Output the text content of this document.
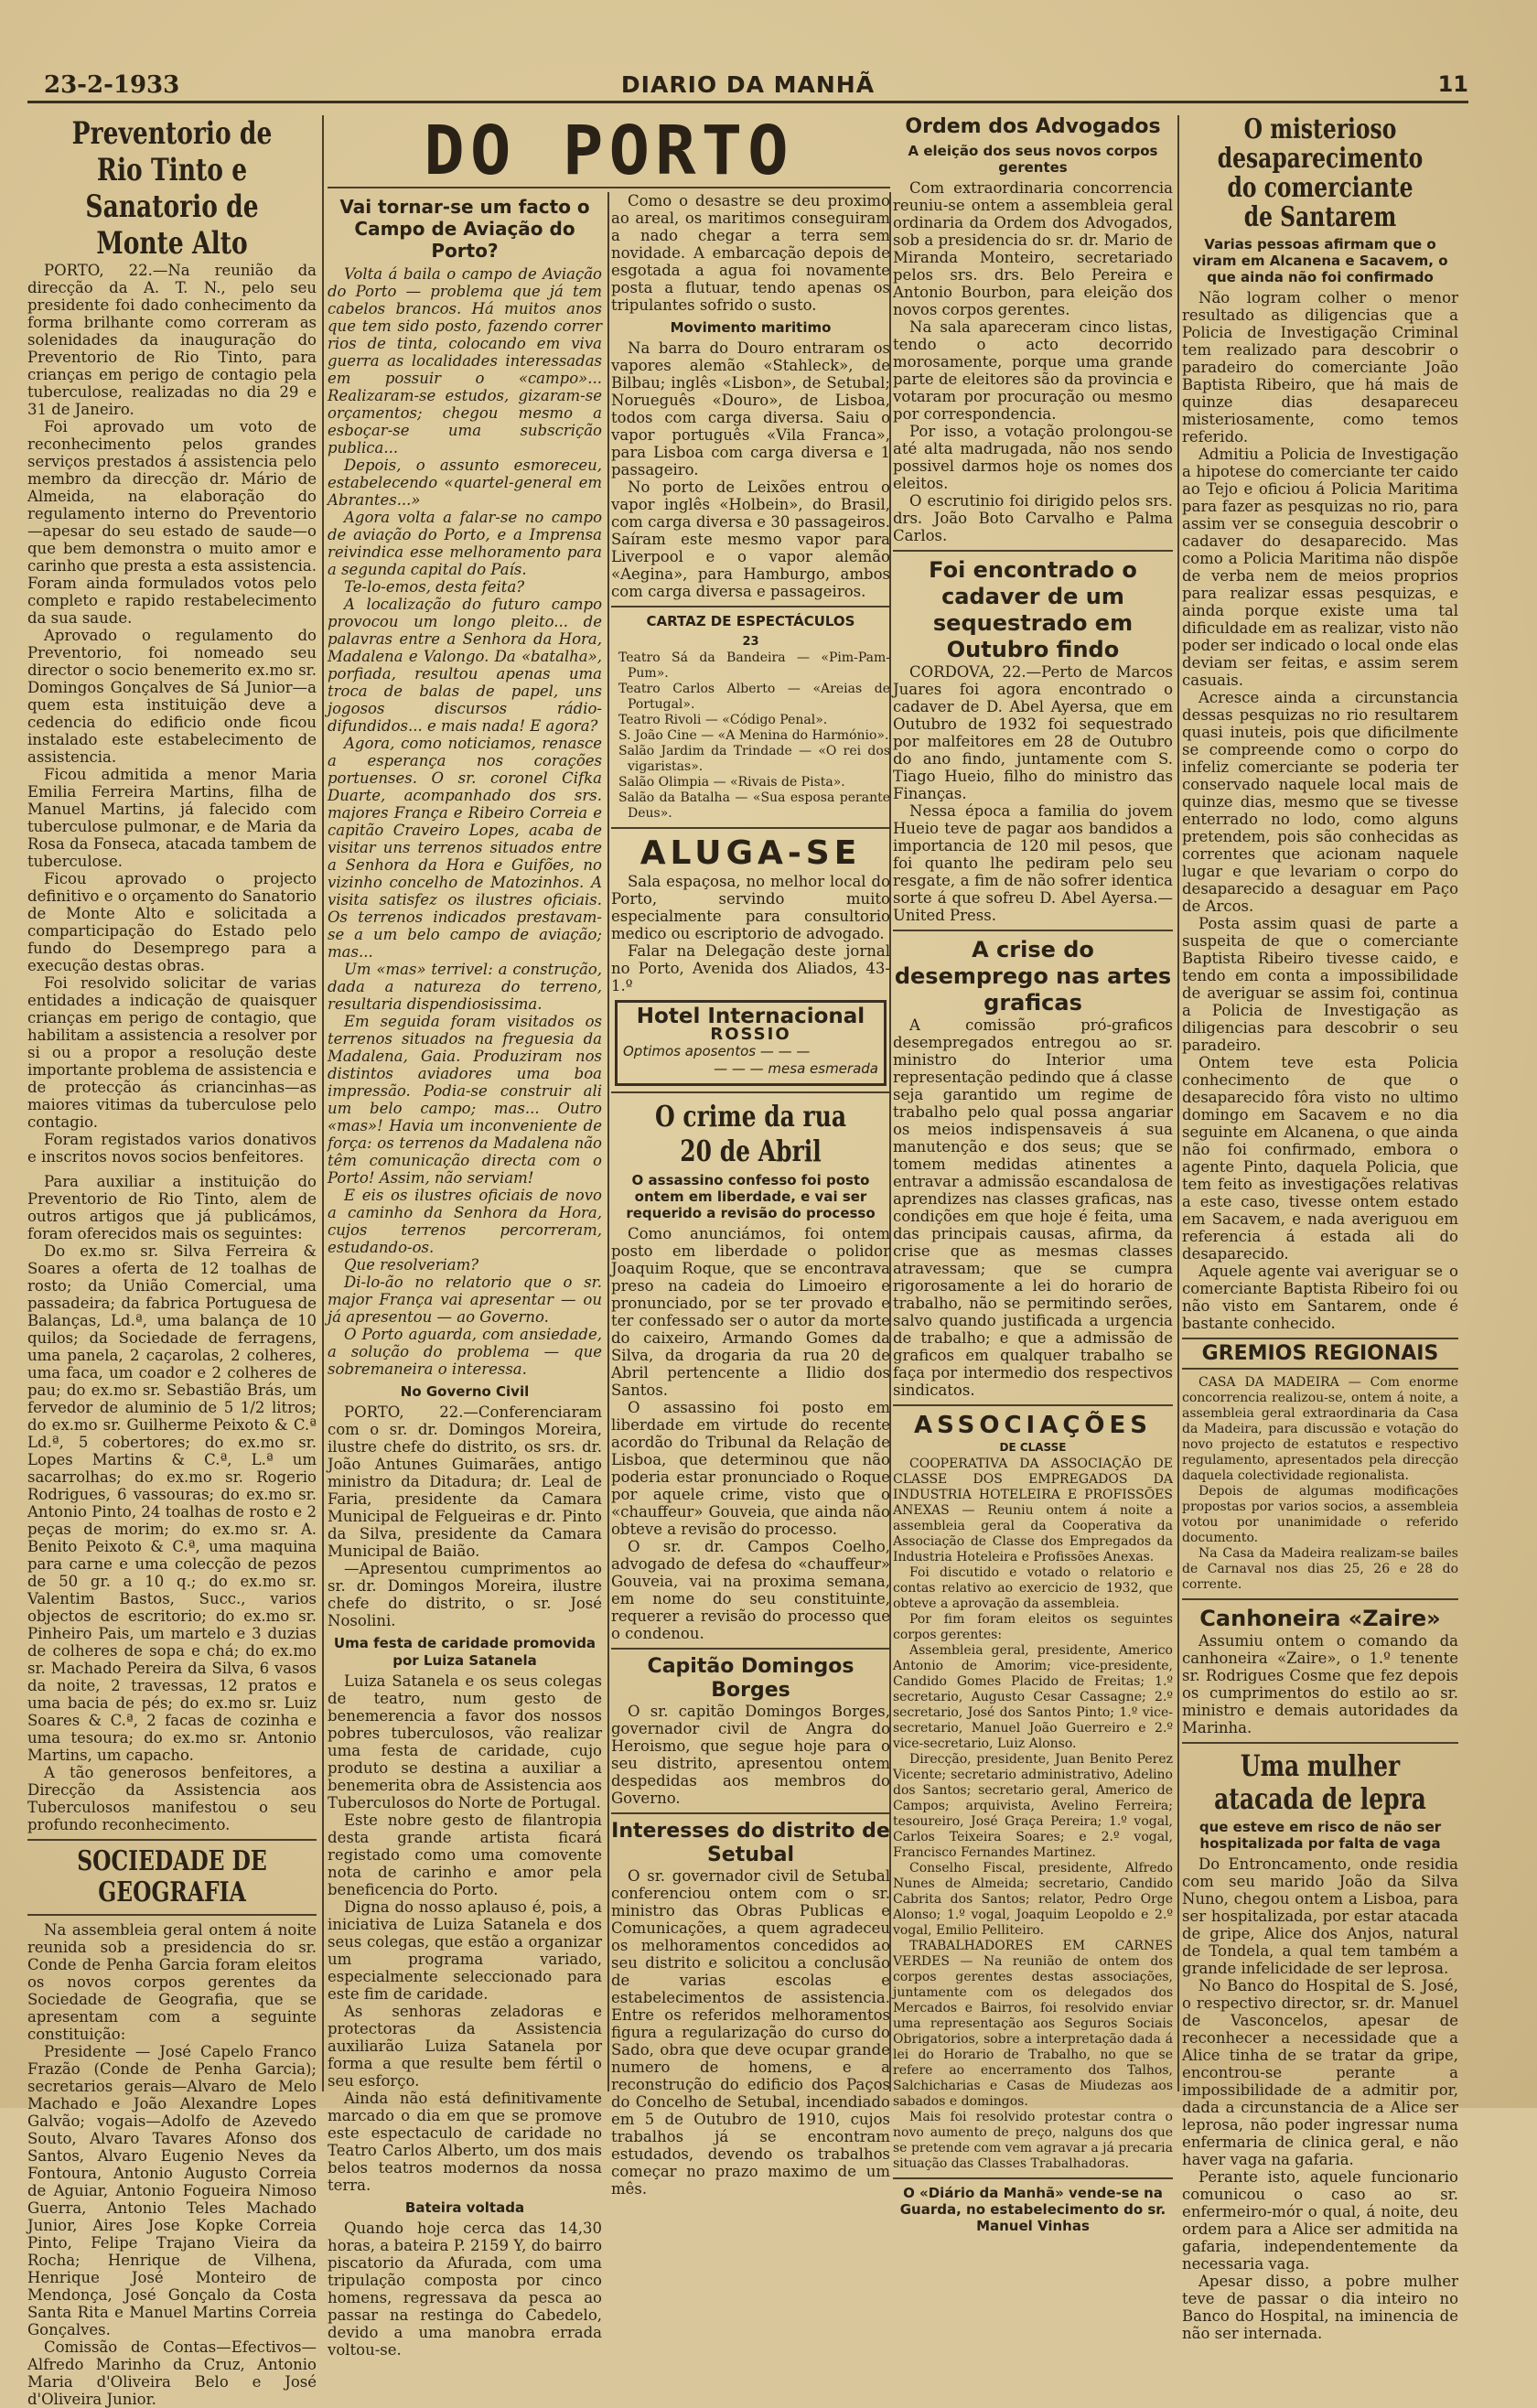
23-2-1933	DIARIO DA MANHÃ	11
Preventorio de Rio Tinto e Sanatorio de Monte Alto

PORTO, 22.—Na reunião da direcção da A. T. N., pelo seu presidente foi dado conhecimento da forma brilhante como correram as solenidades da inauguração do Preventorio de Rio Tinto, para crianças em perigo de contagio pela tuberculose, realizadas no dia 29 e 31 de Janeiro.

Foi aprovado um voto de reconhecimento pelos grandes serviços prestados á assistencia pelo membro da direcção dr. Mário de Almeida, na elaboração do regulamento interno do Preventorio—apesar do seu estado de saude—o que bem demonstra o muito amor e carinho que presta a esta assistencia. Foram ainda formulados votos pelo completo e rapido restabelecimento da sua saude.

Aprovado o regulamento do Preventorio, foi nomeado seu director o socio benemerito ex.mo sr. Domingos Gonçalves de Sá Junior—a quem esta instituição deve a cedencia do edificio onde ficou instalado este estabelecimento de assistencia.

Ficou admitida a menor Maria Emilia Ferreira Martins, filha de Manuel Martins, já falecido com tuberculose pulmonar, e de Maria da Rosa da Fonseca, atacada tambem de tuberculose.

Ficou aprovado o projecto definitivo e o orçamento do Sanatorio de Monte Alto e solicitada a comparticipação do Estado pelo fundo do Desemprego para a execução destas obras.

Foi resolvido solicitar de varias entidades a indicação de quaisquer crianças em perigo de contagio, que habilitam a assistencia a resolver por si ou a propor a resolução deste importante problema de assistencia e de protecção ás criancinhas—as maiores vitimas da tuberculose pelo contagio.

Foram registados varios donativos e inscritos novos socios benfeitores.

Para auxiliar a instituição do Preventorio de Rio Tinto, alem de outros artigos que já publicámos, foram oferecidos mais os seguintes:

Do ex.mo sr. Silva Ferreira & Soares a oferta de 12 toalhas de rosto; da União Comercial, uma passadeira; da fabrica Portuguesa de Balanças, Ld.ª, uma balança de 10 quilos; da Sociedade de ferragens, uma panela, 2 caçarolas, 2 colheres, uma faca, um coador e 2 colheres de pau; do ex.mo sr. Sebastião Brás, um fervedor de aluminio de 5 1/2 litros; do ex.mo sr. Guilherme Peixoto & C.ª Ld.ª, 5 cobertores; do ex.mo sr. Lopes Martins & C.ª, L.ª um sacarrolhas; do ex.mo sr. Rogerio Rodrigues, 6 vassouras; do ex.mo sr. Antonio Pinto, 24 toalhas de rosto e 2 peças de morim; do ex.mo sr. A. Benito Peixoto & C.ª, uma maquina para carne e uma colecção de pezos de 50 gr. a 10 q.; do ex.mo sr. Valentim Bastos, Succ., varios objectos de escritorio; do ex.mo sr. Pinheiro Pais, um martelo e 3 duzias de colheres de sopa e chá; do ex.mo sr. Machado Pereira da Silva, 6 vasos da noite, 2 travessas, 12 pratos e uma bacia de pés; do ex.mo sr. Luiz Soares & C.ª, 2 facas de cozinha e uma tesoura; do ex.mo sr. Antonio Martins, um capacho.

A tão generosos benfeitores, a Direcção da Assistencia aos Tuberculosos manifestou o seu profundo reconhecimento.

SOCIEDADE DE GEOGRAFIA

Na assembleia geral ontem á noite reunida sob a presidencia do sr. Conde de Penha Garcia foram eleitos os novos corpos gerentes da Sociedade de Geografia, que se apresentam com a seguinte constituição:

Presidente — José Capelo Franco Frazão (Conde de Penha Garcia); secretarios gerais—Alvaro de Melo Machado e João Alexandre Lopes Galvão; vogais—Adolfo de Azevedo Souto, Alvaro Tavares Afonso dos Santos, Alvaro Eugenio Neves da Fontoura, Antonio Augusto Correia de Aguiar, Antonio Fogueira Nimoso Guerra, Antonio Teles Machado Junior, Aires Jose Kopke Correia Pinto, Felipe Trajano Vieira da Rocha; Henrique de Vilhena, Henrique José Monteiro de Mendonça, José Gonçalo da Costa Santa Rita e Manuel Martins Correia Gonçalves.

Comissão de Contas—Efectivos—Alfredo Marinho da Cruz, Antonio Maria d'Oliveira Belo e José d'Oliveira Junior.

DO PORTO
Vai tornar-se um facto o Campo de Aviação do Porto?

Volta á baila o campo de Aviação do Porto — problema que já tem cabelos brancos. Há muitos anos que tem sido posto, fazendo correr rios de tinta, colocando em viva guerra as localidades interessadas em possuir o «campo»... Realizaram-se estudos, gizaram-se orçamentos; chegou mesmo a esboçar-se uma subscrição publica...

Depois, o assunto esmoreceu, estabelecendo «quartel-general em Abrantes...»

Agora volta a falar-se no campo de aviação do Porto, e a Imprensa reivindica esse melhoramento para a segunda capital do País.

Te-lo-emos, desta feita?

A localização do futuro campo provocou um longo pleito... de palavras entre a Senhora da Hora, Madalena e Valongo. Da «batalha», porfiada, resultou apenas uma troca de balas de papel, uns jogosos discursos rádio-difundidos... e mais nada! E agora?

Agora, como noticiamos, renasce a esperança nos corações portuenses. O sr. coronel Cifka Duarte, acompanhado dos srs. majores França e Ribeiro Correia e capitão Craveiro Lopes, acaba de visitar uns terrenos situados entre a Senhora da Hora e Guifões, no vizinho concelho de Matozinhos. A visita satisfez os ilustres oficiais. Os terrenos indicados prestavam-se a um belo campo de aviação; mas...

Um «mas» terrivel: a construção, dada a natureza do terreno, resultaria dispendiosissima.

Em seguida foram visitados os terrenos situados na freguesia da Madalena, Gaia. Produziram nos distintos aviadores uma boa impressão. Podia-se construir ali um belo campo; mas... Outro «mas»! Havia um inconveniente de força: os terrenos da Madalena não têm comunicação directa com o Porto! Assim, não serviam!

E eis os ilustres oficiais de novo a caminho da Senhora da Hora, cujos terrenos percorreram, estudando-os.

Que resolveriam?

Di-lo-ão no relatorio que o sr. major França vai apresentar — ou já apresentou — ao Governo.

O Porto aguarda, com ansiedade, a solução do problema — que sobremaneira o interessa.

No Governo Civil

PORTO, 22.—Conferenciaram com o sr. dr. Domingos Moreira, ilustre chefe do distrito, os srs. dr. João Antunes Guimarães, antigo ministro da Ditadura; dr. Leal de Faria, presidente da Camara Municipal de Felgueiras e dr. Pinto da Silva, presidente da Camara Municipal de Baião.

—Apresentou cumprimentos ao sr. dr. Domingos Moreira, ilustre chefe do distrito, o sr. José Nosolini.

Uma festa de caridade promovida por Luiza Satanela

Luiza Satanela e os seus colegas de teatro, num gesto de benemerencia a favor dos nossos pobres tuberculosos, vão realizar uma festa de caridade, cujo produto se destina a auxiliar a benemerita obra de Assistencia aos Tuberculosos do Norte de Portugal.

Este nobre gesto de filantropia desta grande artista ficará registado como uma comovente nota de carinho e amor pela beneficencia do Porto.

Digna do nosso aplauso é, pois, a iniciativa de Luiza Satanela e dos seus colegas, que estão a organizar um programa variado, especialmente seleccionado para este fim de caridade.

As senhoras zeladoras e protectoras da Assistencia auxiliarão Luiza Satanela por forma a que resulte bem fértil o seu esforço.

Ainda não está definitivamente marcado o dia em que se promove este espectaculo de caridade no Teatro Carlos Alberto, um dos mais belos teatros modernos da nossa terra.

Bateira voltada

Quando hoje cerca das 14,30 horas, a bateira P. 2159 Y, do bairro piscatorio da Afurada, com uma tripulação composta por cinco homens, regressava da pesca ao passar na restinga do Cabedelo, devido a uma manobra errada voltou-se.

Como o desastre se deu proximo ao areal, os maritimos conseguiram a nado chegar a terra sem novidade. A embarcação depois de esgotada a agua foi novamente posta a flutuar, tendo apenas os tripulantes sofrido o susto.

Movimento maritimo

Na barra do Douro entraram os vapores alemão «Stahleck», de Bilbau; inglês «Lisbon», de Setubal; Norueguês «Douro», de Lisboa, todos com carga diversa. Saiu o vapor português «Vila Franca», para Lisboa com carga diversa e 1 passageiro.

No porto de Leixões entrou o vapor inglês «Holbein», do Brasil, com carga diversa e 30 passageiros. Saíram este mesmo vapor para Liverpool e o vapor alemão «Aegina», para Hamburgo, ambos com carga diversa e passageiros.

CARTAZ DE ESPECTÁCULOS
23

Teatro Sá da Bandeira — «Pim-Pam-Pum».

Teatro Carlos Alberto — «Areias de Portugal».

Teatro Rivoli — «Código Penal».

S. João Cine — «A Menina do Harmónio».

Salão Jardim da Trindade — «O rei dos vigaristas».

Salão Olimpia — «Rivais de Pista».

Salão da Batalha — «Sua esposa perante Deus».

ALUGA-SE

Sala espaçosa, no melhor local do Porto, servindo muito especialmente para consultorio medico ou escriptorio de advogado.

Falar na Delegação deste jornal no Porto, Avenida dos Aliados, 43-1.º

Hotel Internacional
ROSSIO
Optimos aposentos — — —
— — — mesa esmerada
O crime da rua 20 de Abril
O assassino confesso foi posto ontem em liberdade, e vai ser requerido a revisão do processo

Como anunciámos, foi ontem posto em liberdade o polidor Joaquim Roque, que se encontrava preso na cadeia do Limoeiro e pronunciado, por se ter provado e ter confessado ser o autor da morte do caixeiro, Armando Gomes da Silva, da drogaria da rua 20 de Abril pertencente a Ilidio dos Santos.

O assassino foi posto em liberdade em virtude do recente acordão do Tribunal da Relação de Lisboa, que determinou que não poderia estar pronunciado o Roque por aquele crime, visto que o «chauffeur» Gouveia, que ainda não obteve a revisão do processo.

O sr. dr. Campos Coelho, advogado de defesa do «chauffeur» Gouveia, vai na proxima semana, em nome do seu constituinte, requerer a revisão do processo que o condenou.

Capitão Domingos Borges

O sr. capitão Domingos Borges, governador civil de Angra do Heroismo, que segue hoje para o seu distrito, apresentou ontem despedidas aos membros do Governo.

Interesses do distrito de Setubal

O sr. governador civil de Setubal conferenciou ontem com o sr. ministro das Obras Publicas e Comunicações, a quem agradeceu os melhoramentos concedidos ao seu distrito e solicitou a conclusão de varias escolas e estabelecimentos de assistencia. Entre os referidos melhoramentos figura a regularização do curso do Sado, obra que deve ocupar grande numero de homens, e a reconstrução do edificio dos Paços do Concelho de Setubal, incendiado em 5 de Outubro de 1910, cujos trabalhos já se encontram estudados, devendo os trabalhos começar no prazo maximo de um mês.

Ordem dos Advogados
A eleição dos seus novos corpos gerentes

Com extraordinaria concorrencia reuniu-se ontem a assembleia geral ordinaria da Ordem dos Advogados, sob a presidencia do sr. dr. Mario de Miranda Monteiro, secretariado pelos srs. drs. Belo Pereira e Antonio Bourbon, para eleição dos novos corpos gerentes.

Na sala apareceram cinco listas, tendo o acto decorrido morosamente, porque uma grande parte de eleitores são da provincia e votaram por procuração ou mesmo por correspondencia.

Por isso, a votação prolongou-se até alta madrugada, não nos sendo possivel darmos hoje os nomes dos eleitos.

O escrutinio foi dirigido pelos srs. drs. João Boto Carvalho e Palma Carlos.

Foi encontrado o cadaver de um sequestrado em Outubro findo

CORDOVA, 22.—Perto de Marcos Juares foi agora encontrado o cadaver de D. Abel Ayersa, que em Outubro de 1932 foi sequestrado por malfeitores em 28 de Outubro do ano findo, juntamente com S. Tiago Hueio, filho do ministro das Finanças.

Nessa época a familia do jovem Hueio teve de pagar aos bandidos a importancia de 120 mil pesos, que foi quanto lhe pediram pelo seu resgate, a fim de não sofrer identica sorte á que sofreu D. Abel Ayersa.—United Press.

A crise do desemprego nas artes graficas

A comissão pró-graficos desempregados entregou ao sr. ministro do Interior uma representação pedindo que á classe seja garantido um regime de trabalho pelo qual possa angariar os meios indispensaveis á sua manutenção e dos seus; que se tomem medidas atinentes a entravar a admissão escandalosa de aprendizes nas classes graficas, nas condições em que hoje é feita, uma das principais causas, afirma, da crise que as mesmas classes atravessam; que se cumpra rigorosamente a lei do horario de trabalho, não se permitindo serões, salvo quando justificada a urgencia de trabalho; e que a admissão de graficos em qualquer trabalho se faça por intermedio dos respectivos sindicatos.

ASSOCIAÇÕES
DE CLASSE

COOPERATIVA DA ASSOCIAÇÃO DE CLASSE DOS EMPREGADOS DA INDUSTRIA HOTELEIRA E PROFISSÕES ANEXAS — Reuniu ontem á noite a assembleia geral da Cooperativa da Associação de Classe dos Empregados da Industria Hoteleira e Profissões Anexas.

Foi discutido e votado o relatorio e contas relativo ao exercicio de 1932, que obteve a aprovação da assembleia.

Por fim foram eleitos os seguintes corpos gerentes:

Assembleia geral, presidente, Americo Antonio de Amorim; vice-presidente, Candido Gomes Placido de Freitas; 1.º secretario, Augusto Cesar Cassagne; 2.º secretario, José dos Santos Pinto; 1.º vice-secretario, Manuel João Guerreiro e 2.º vice-secretario, Luiz Alonso.

Direcção, presidente, Juan Benito Perez Vicente; secretario administrativo, Adelino dos Santos; secretario geral, Americo de Campos; arquivista, Avelino Ferreira; tesoureiro, José Graça Pereira; 1.º vogal, Carlos Teixeira Soares; e 2.º vogal, Francisco Fernandes Martinez.

Conselho Fiscal, presidente, Alfredo Nunes de Almeida; secretario, Candido Cabrita dos Santos; relator, Pedro Orge Alonso; 1.º vogal, Joaquim Leopoldo e 2.º vogal, Emilio Pelliteiro.

TRABALHADORES EM CARNES VERDES — Na reunião de ontem dos corpos gerentes destas associações, juntamente com os delegados dos Mercados e Bairros, foi resolvido enviar uma representação aos Seguros Sociais Obrigatorios, sobre a interpretação dada á lei do Horario de Trabalho, no que se refere ao encerramento dos Talhos, Salchicharias e Casas de Miudezas aos sabados e domingos.

Mais foi resolvido protestar contra o novo aumento de preço, nalguns dos que se pretende com vem agravar a já precaria situação das Classes Trabalhadoras.

O «Diário da Manhã» vende-se na Guarda, no estabelecimento do sr. Manuel Vinhas
O misterioso desaparecimento do comerciante de Santarem
Varias pessoas afirmam que o viram em Alcanena e Sacavem, o que ainda não foi confirmado

Não logram colher o menor resultado as diligencias que a Policia de Investigação Criminal tem realizado para descobrir o paradeiro do comerciante João Baptista Ribeiro, que há mais de quinze dias desapareceu misteriosamente, como temos referido.

Admitiu a Policia de Investigação a hipotese do comerciante ter caido ao Tejo e oficiou á Policia Maritima para fazer as pesquizas no rio, para assim ver se conseguia descobrir o cadaver do desaparecido. Mas como a Policia Maritima não dispõe de verba nem de meios proprios para realizar essas pesquizas, e ainda porque existe uma tal dificuldade em as realizar, visto não poder ser indicado o local onde elas deviam ser feitas, e assim serem casuais.

Acresce ainda a circunstancia dessas pesquizas no rio resultarem quasi inuteis, pois que dificilmente se compreende como o corpo do infeliz comerciante se poderia ter conservado naquele local mais de quinze dias, mesmo que se tivesse enterrado no lodo, como alguns pretendem, pois são conhecidas as correntes que acionam naquele lugar e que levariam o corpo do desaparecido a desaguar em Paço de Arcos.

Posta assim quasi de parte a suspeita de que o comerciante Baptista Ribeiro tivesse caido, e tendo em conta a impossibilidade de averiguar se assim foi, continua a Policia de Investigação as diligencias para descobrir o seu paradeiro.

Ontem teve esta Policia conhecimento de que o desaparecido fôra visto no ultimo domingo em Sacavem e no dia seguinte em Alcanena, o que ainda não foi confirmado, embora o agente Pinto, daquela Policia, que tem feito as investigações relativas a este caso, tivesse ontem estado em Sacavem, e nada averiguou em referencia á estada ali do desaparecido.

Aquele agente vai averiguar se o comerciante Baptista Ribeiro foi ou não visto em Santarem, onde é bastante conhecido.

GREMIOS REGIONAIS

CASA DA MADEIRA — Com enorme concorrencia realizou-se, ontem á noite, a assembleia geral extraordinaria da Casa da Madeira, para discussão e votação do novo projecto de estatutos e respectivo regulamento, apresentados pela direcção daquela colectividade regionalista.

Depois de algumas modificações propostas por varios socios, a assembleia votou por unanimidade o referido documento.

Na Casa da Madeira realizam-se bailes de Carnaval nos dias 25, 26 e 28 do corrente.

Canhoneira «Zaire»

Assumiu ontem o comando da canhoneira «Zaire», o 1.º tenente sr. Rodrigues Cosme que fez depois os cumprimentos do estilo ao sr. ministro e demais autoridades da Marinha.

Uma mulher atacada de lepra
que esteve em risco de não ser hospitalizada por falta de vaga

Do Entroncamento, onde residia com seu marido João da Silva Nuno, chegou ontem a Lisboa, para ser hospitalizada, por estar atacada de gripe, Alice dos Anjos, natural de Tondela, a qual tem também a grande infelicidade de ser leprosa.

No Banco do Hospital de S. José, o respectivo director, sr. dr. Manuel de Vasconcelos, apesar de reconhecer a necessidade que a Alice tinha de se tratar da gripe, encontrou-se perante a impossibilidade de a admitir por, dada a circunstancia de a Alice ser leprosa, não poder ingressar numa enfermaria de clinica geral, e não haver vaga na gafaria.

Perante isto, aquele funcionario comunicou o caso ao sr. enfermeiro-mór o qual, á noite, deu ordem para a Alice ser admitida na gafaria, independentemente da necessaria vaga.

Apesar disso, a pobre mulher teve de passar o dia inteiro no Banco do Hospital, na iminencia de não ser internada.
